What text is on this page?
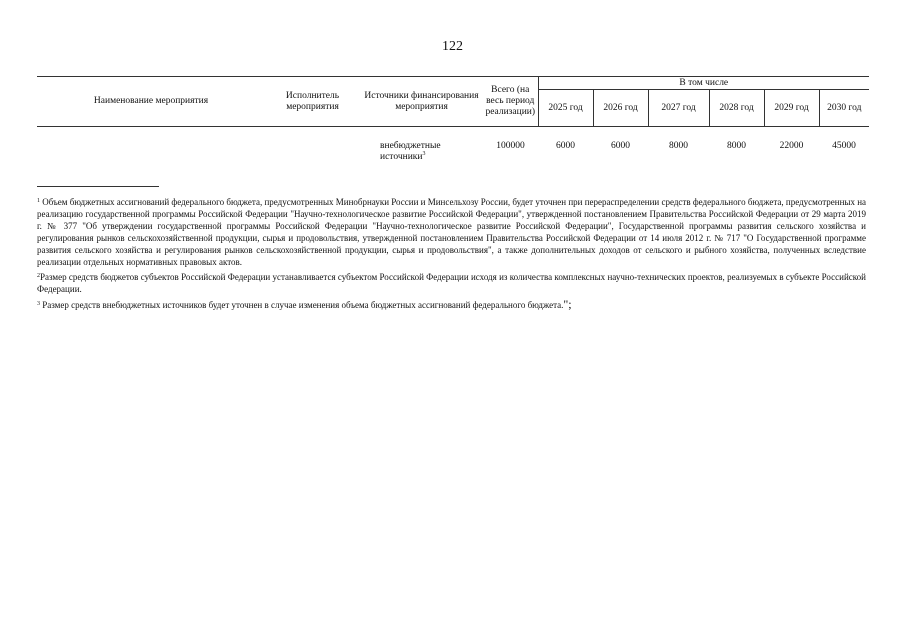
122
Наименование мероприятия	Исполнитель мероприятия	Источники финансирования мероприятия	Всего (на весь период реализации)	В том числе					
				2025 год	2026 год	2027 год	2028 год	2029 год	2030 год
		внебюджетные источники$^3$	100000	6000	6000	8000	8000	22000	45000

$^1$ Объем бюджетных ассигнований федерального бюджета, предусмотренных Минобрнауки России и Минсельхозу России, будет уточнен при перераспределении средств федерального бюджета, предусмотренных на реализацию государственной программы Российской Федерации "Научно-технологическое развитие Российской Федерации", утвержденной постановлением Правительства Российской Федерации от 29 марта 2019 г. № 377 "Об утверждении государственной программы Российской Федерации "Научно-технологическое развитие Российской Федерации", Государственной программы развития сельского хозяйства и регулирования рынков сельскохозяйственной продукции, сырья и продовольствия, утвержденной постановлением Правительства Российской Федерации от 14 июля 2012 г. № 717 "О Государственной программе развития сельского хозяйства и регулирования рынков сельскохозяйственной продукции, сырья и продовольствия", а также дополнительных доходов от сельского и рыбного хозяйства, полученных вследствие реализации отдельных нормативных правовых актов.

$^2$Размер средств бюджетов субъектов Российской Федерации устанавливается субъектом Российской Федерации исходя из количества комплексных научно-технических проектов, реализуемых в субъекте Российской Федерации.

$^3$ Размер средств внебюджетных источников будет уточнен в случае изменения объема бюджетных ассигнований федерального бюджета.";
